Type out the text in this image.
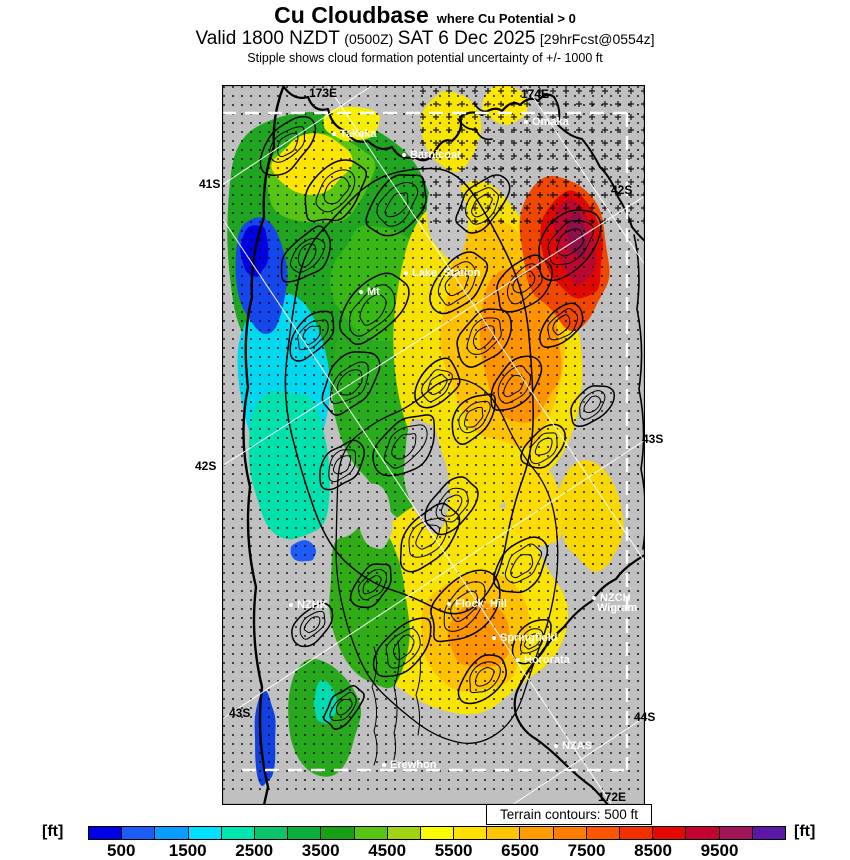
Cu Cloudbase where Cu Potential > 0
Valid 1800 NZDT (0500Z) SAT 6 Dec 2025 [29hrFcst@0554z]
Stipple shows cloud formation potential uncertainty of +/- 1000 ft
173E	174E
41S	42S
43S
42S
43S	44S
172E
Takaka
Omaka
Barnicoat
Lake_Station
Mt
NZHK	Flock_Hill
Springfield
Hororata
NZCH
Wigram
NZAS
Erewhon
Terrain contours: 500 ft
[ft]	[ft]
500 1500 2500 3500 4500 5500 6500 7500 8500 9500
